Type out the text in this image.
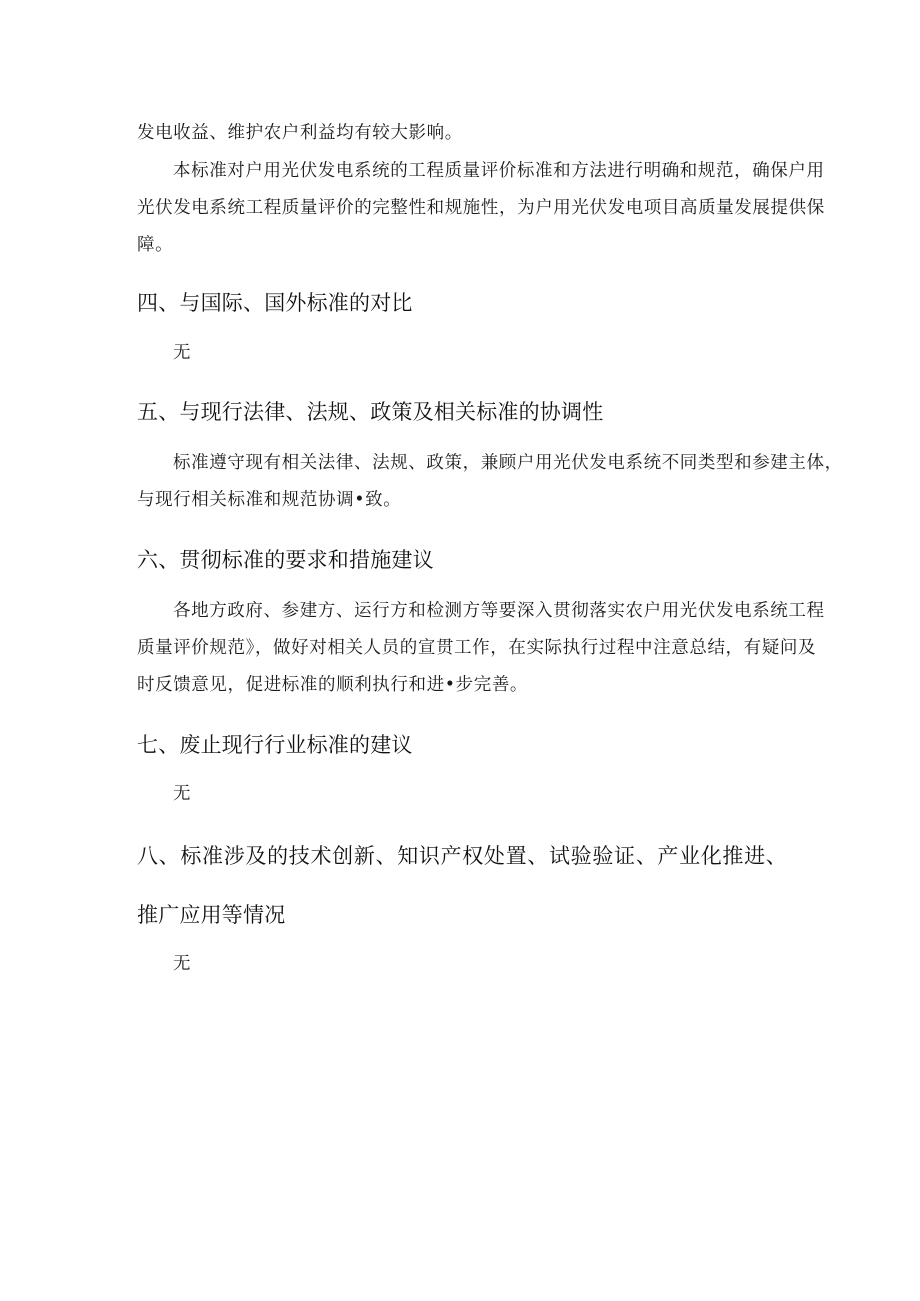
发电收益、维护农户利益均有较大影响。
本标准对户用光伏发电系统的工程质量评价标准和方法进行明确和规范，确保户用
光伏发电系统工程质量评价的完整性和规施性，为户用光伏发电项目高质量发展提供保
障。
四、与国际、国外标准的对比
无
五、与现行法律、法规、政策及相关标准的协调性
标准遵守现有相关法律、法规、政策，兼顾户用光伏发电系统不同类型和参建主体，
与现行相关标准和规范协调•致。
六、贯彻标准的要求和措施建议
各地方政府、参建方、运行方和检测方等要深入贯彻落实农户用光伏发电系统工程
质量评价规范》，做好对相关人员的宣贯工作，在实际执行过程中注意总结，有疑问及
时反馈意见，促进标准的顺利执行和进•步完善。
七、废止现行行业标准的建议
无
八、标准涉及的技术创新、知识产权处置、试验验证、产业化推进、
推广应用等情况
无
